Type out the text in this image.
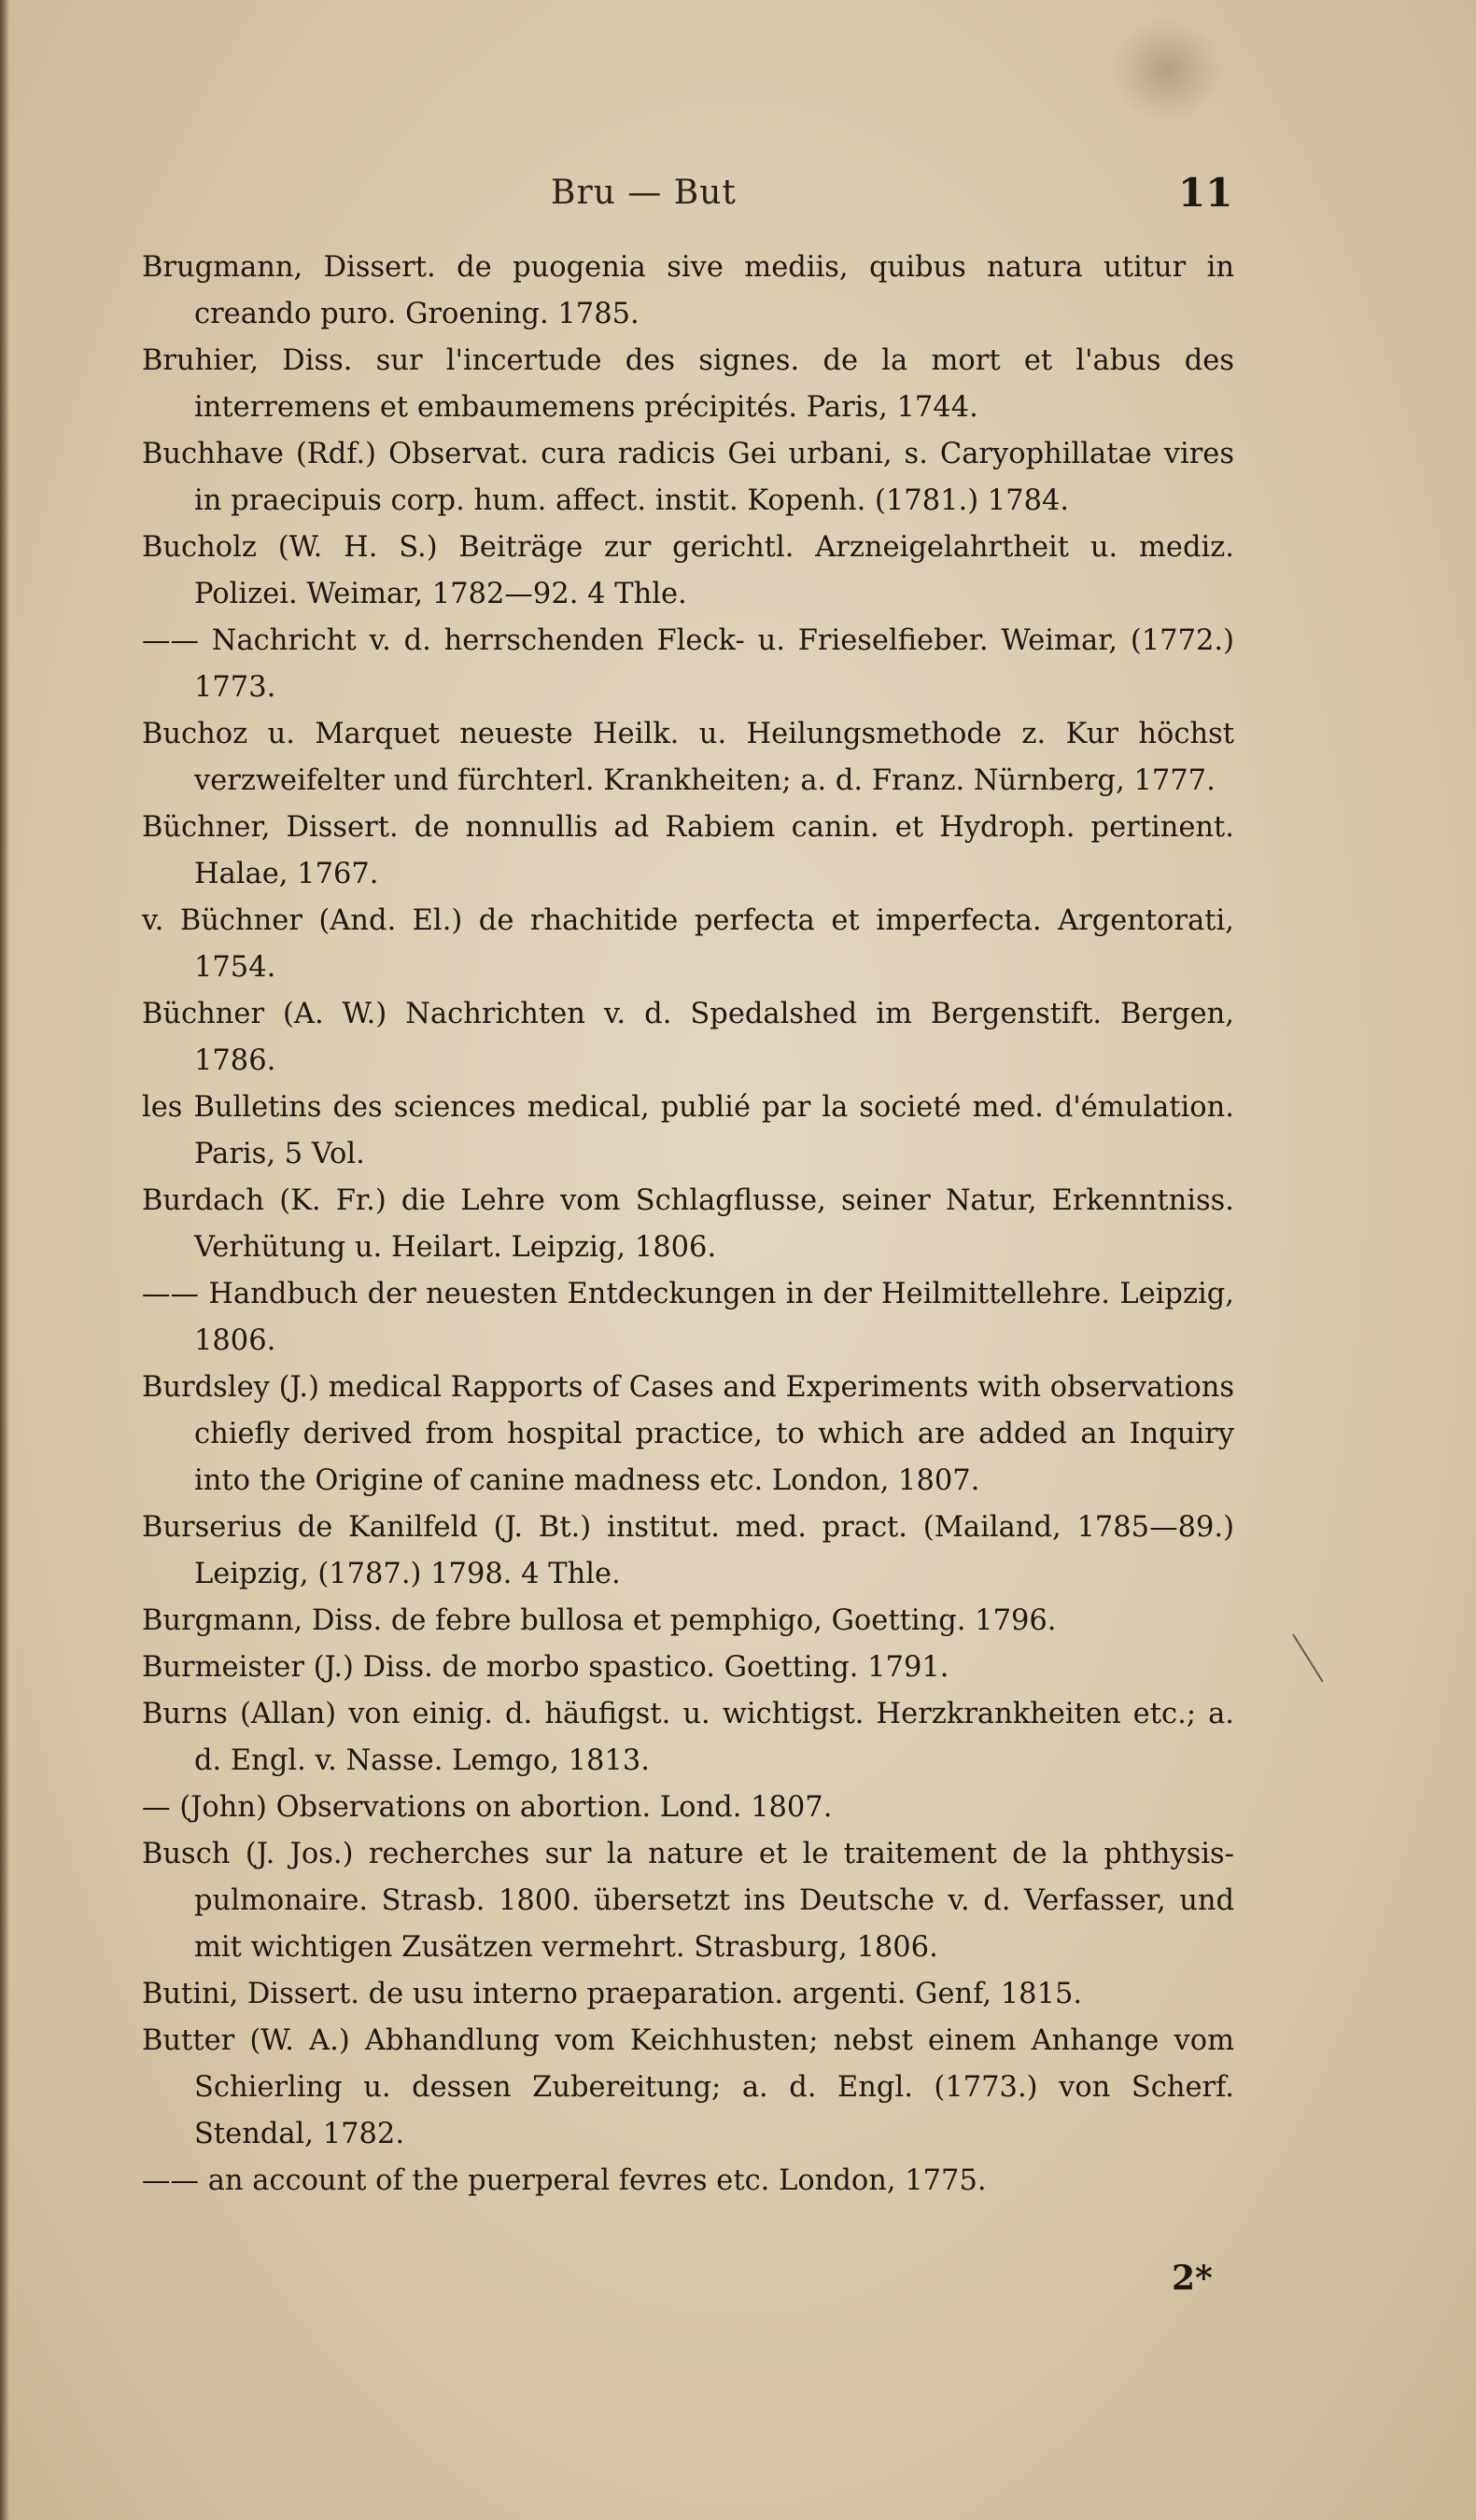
Bru — But	11
Brugmann, Dissert. de puogenia sive mediis, quibus natura utitur in creando puro. Groening. 1785.
Bruhier, Diss. sur l'incertude des signes. de la mort et l'abus des interremens et embaumemens précipités. Paris, 1744.
Buchhave (Rdf.) Observat. cura radicis Gei urbani, s. Caryophillatae vires in praecipuis corp. hum. affect. instit. Kopenh. (1781.) 1784.
Bucholz (W. H. S.) Beiträge zur gerichtl. Arzneigelahrtheit u. mediz. Polizei. Weimar, 1782—92. 4 Thle.
—— Nachricht v. d. herrschenden Fleck- u. Frieselfieber. Weimar, (1772.) 1773.
Buchoz u. Marquet neueste Heilk. u. Heilungsmethode z. Kur höchst verzweifelter und fürchterl. Krankheiten; a. d. Franz. Nürnberg, 1777.
Büchner, Dissert. de nonnullis ad Rabiem canin. et Hydroph. pertinent. Halae, 1767.
v. Büchner (And. El.) de rhachitide perfecta et imperfecta. Argentorati, 1754.
Büchner (A. W.) Nachrichten v. d. Spedalshed im Bergenstift. Bergen, 1786.
les Bulletins des sciences medical, publié par la societé med. d'émulation. Paris, 5 Vol.
Burdach (K. Fr.) die Lehre vom Schlagflusse, seiner Natur, Erkenntniss. Verhütung u. Heilart. Leipzig, 1806.
—— Handbuch der neuesten Entdeckungen in der Heilmittellehre. Leipzig, 1806.
Burdsley (J.) medical Rapports of Cases and Experiments with observations chiefly derived from hospital practice, to which are added an Inquiry into the Origine of canine madness etc. London, 1807.
Burserius de Kanilfeld (J. Bt.) institut. med. pract. (Mailand, 1785—89.) Leipzig, (1787.) 1798. 4 Thle.
Burgmann, Diss. de febre bullosa et pemphigo, Goetting. 1796.
Burmeister (J.) Diss. de morbo spastico. Goetting. 1791.
Burns (Allan) von einig. d. häufigst. u. wichtigst. Herzkrankheiten etc.; a. d. Engl. v. Nasse. Lemgo, 1813.
— (John) Observations on abortion. Lond. 1807.
Busch (J. Jos.) recherches sur la nature et le traitement de la phthysis-pulmonaire. Strasb. 1800. übersetzt ins Deutsche v. d. Verfasser, und mit wichtigen Zusätzen vermehrt. Strasburg, 1806.
Butini, Dissert. de usu interno praeparation. argenti. Genf, 1815.
Butter (W. A.) Abhandlung vom Keichhusten; nebst einem Anhange vom Schierling u. dessen Zubereitung; a. d. Engl. (1773.) von Scherf. Stendal, 1782.
—— an account of the puerperal fevres etc. London, 1775.
2*
